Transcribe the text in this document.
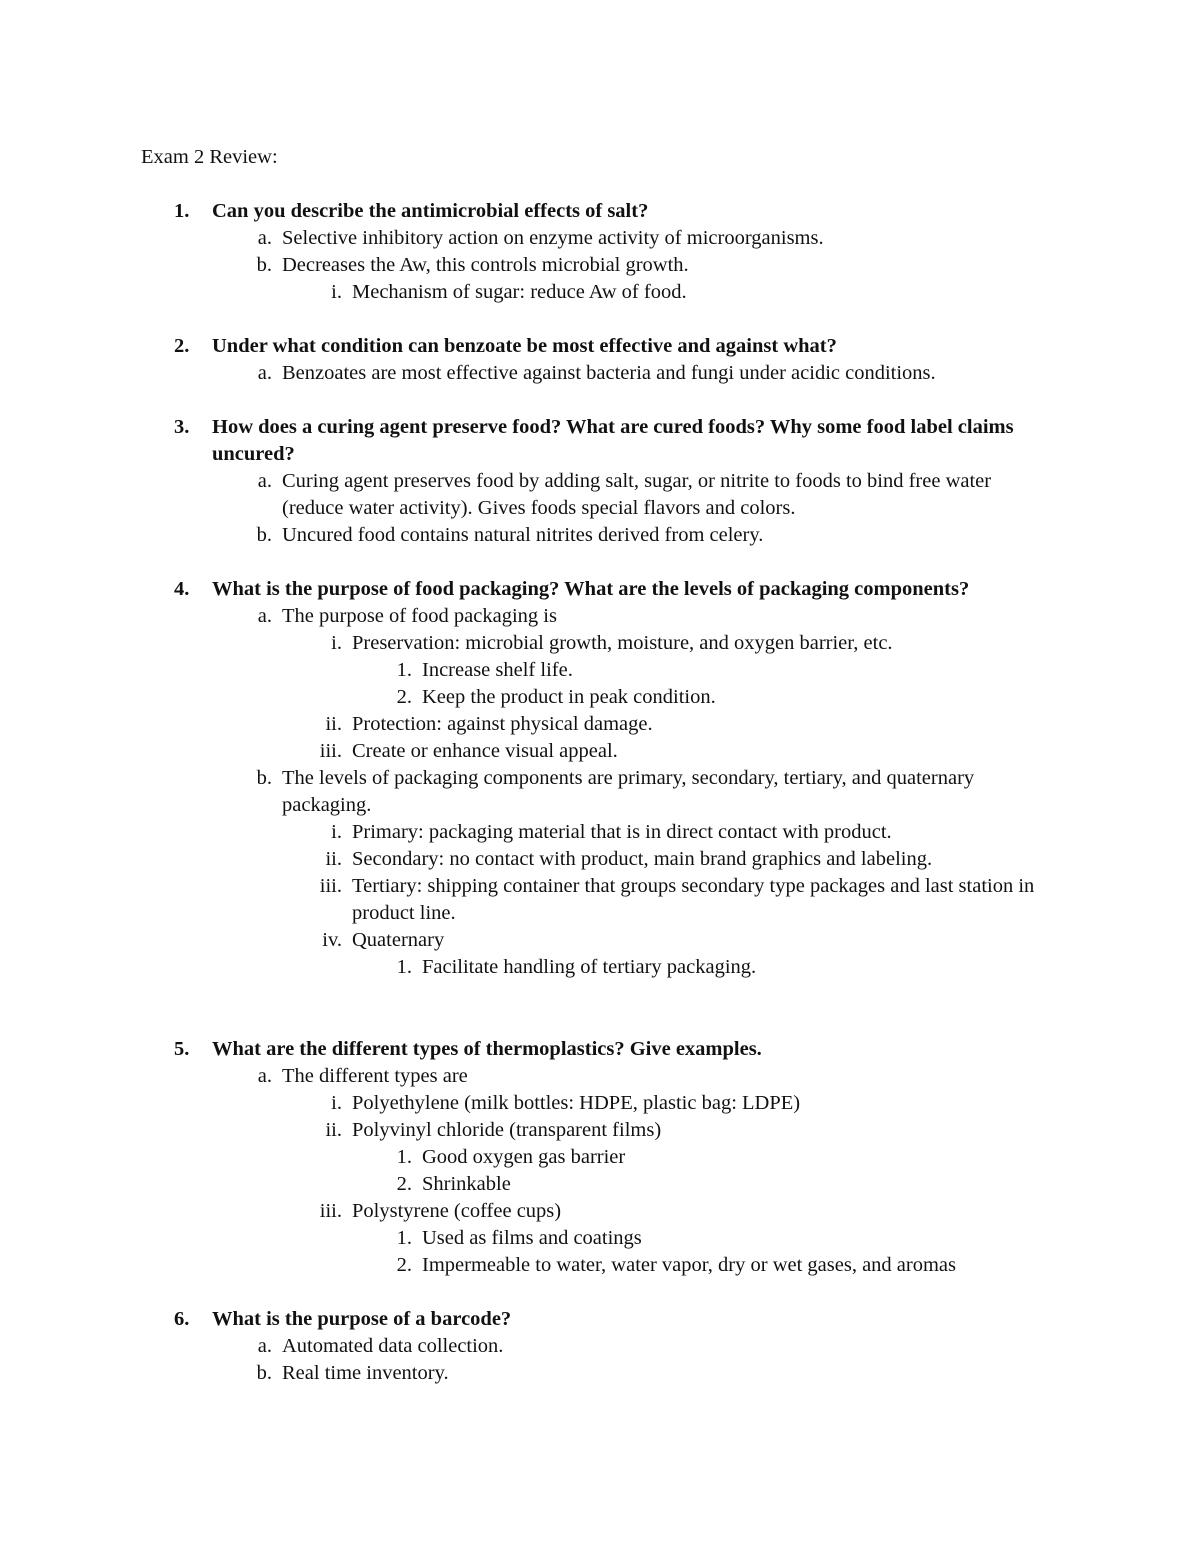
Exam 2 Review:
1. Can you describe the antimicrobial effects of salt?
a. Selective inhibitory action on enzyme activity of microorganisms.
b. Decreases the Aw, this controls microbial growth.
i. Mechanism of sugar: reduce Aw of food.
2. Under what condition can benzoate be most effective and against what?
a. Benzoates are most effective against bacteria and fungi under acidic conditions.
3. How does a curing agent preserve food? What are cured foods? Why some food label claims uncured?
a. Curing agent preserves food by adding salt, sugar, or nitrite to foods to bind free water (reduce water activity). Gives foods special flavors and colors.
b. Uncured food contains natural nitrites derived from celery.
4. What is the purpose of food packaging? What are the levels of packaging components?
a. The purpose of food packaging is
i. Preservation: microbial growth, moisture, and oxygen barrier, etc.
1. Increase shelf life.
2. Keep the product in peak condition.
ii. Protection: against physical damage.
iii. Create or enhance visual appeal.
b. The levels of packaging components are primary, secondary, tertiary, and quaternary packaging.
i. Primary: packaging material that is in direct contact with product.
ii. Secondary: no contact with product, main brand graphics and labeling.
iii. Tertiary: shipping container that groups secondary type packages and last station in product line.
iv. Quaternary
1. Facilitate handling of tertiary packaging.
5. What are the different types of thermoplastics? Give examples.
a. The different types are
i. Polyethylene (milk bottles: HDPE, plastic bag: LDPE)
ii. Polyvinyl chloride (transparent films)
1. Good oxygen gas barrier
2. Shrinkable
iii. Polystyrene (coffee cups)
1. Used as films and coatings
2. Impermeable to water, water vapor, dry or wet gases, and aromas
6. What is the purpose of a barcode?
a. Automated data collection.
b. Real time inventory.
